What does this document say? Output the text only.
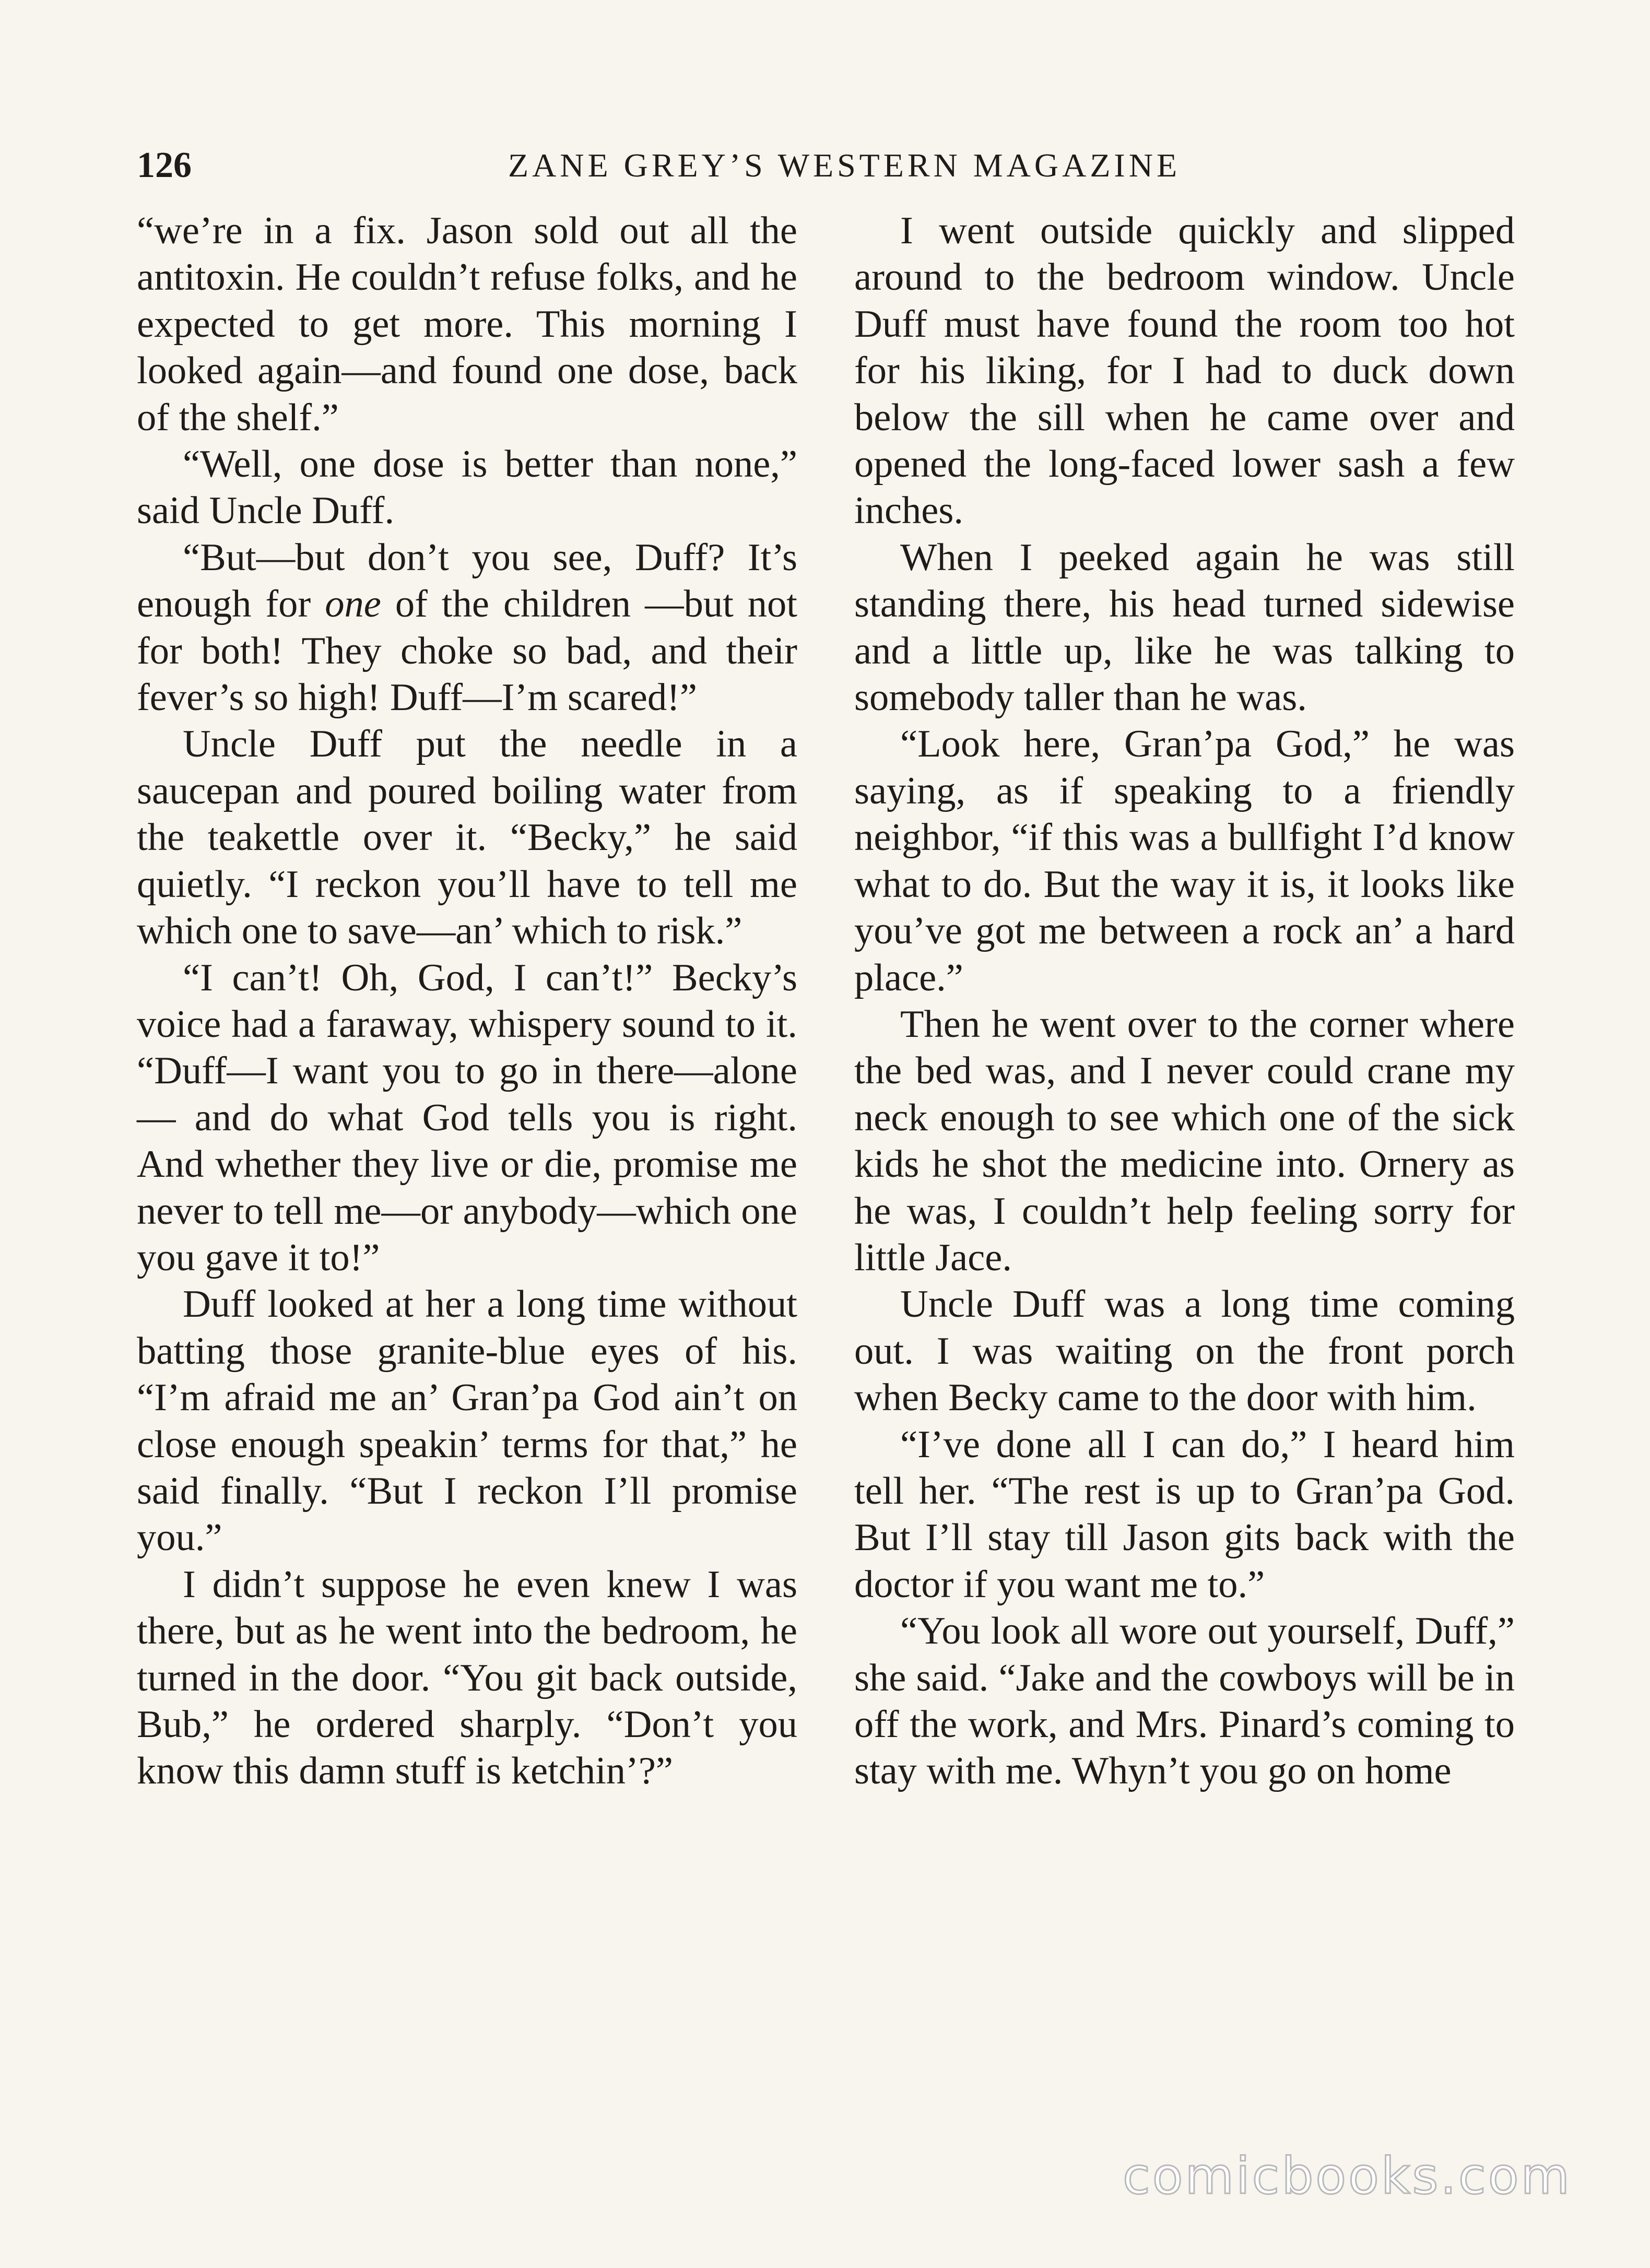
126	ZANE GREY’S WESTERN MAGAZINE

“we’re in a fix. Jason sold out all the antitoxin. He couldn’t refuse folks, and he expected to get more. This morning I looked again—and found one dose, back of the shelf.”

“Well, one dose is better than none,” said Uncle Duff.

“But—but don’t you see, Duff? It’s enough for one of the children —but not for both! They choke so bad, and their fever’s so high! Duff—I’m scared!”

Uncle Duff put the needle in a saucepan and poured boiling water from the teakettle over it. “Becky,” he said quietly. “I reckon you’ll have to tell me which one to save—an’ which to risk.”

“I can’t! Oh, God, I can’t!” Becky’s voice had a faraway, whispery sound to it. “Duff—I want you to go in there—alone— and do what God tells you is right. And whether they live or die, promise me never to tell me—or anybody—which one you gave it to!”

Duff looked at her a long time without batting those granite-blue eyes of his. “I’m afraid me an’ Gran’pa God ain’t on close enough speakin’ terms for that,” he said finally. “But I reckon I’ll promise you.”

I didn’t suppose he even knew I was there, but as he went into the bedroom, he turned in the door. “You git back outside, Bub,” he ordered sharply. “Don’t you know this damn stuff is ketchin’?”

I went outside quickly and slipped around to the bedroom window. Uncle Duff must have found the room too hot for his liking, for I had to duck down below the sill when he came over and opened the long-faced lower sash a few inches.

When I peeked again he was still standing there, his head turned sidewise and a little up, like he was talking to somebody taller than he was.

“Look here, Gran’pa God,” he was saying, as if speaking to a friendly neighbor, “if this was a bullfight I’d know what to do. But the way it is, it looks like you’ve got me between a rock an’ a hard place.”

Then he went over to the corner where the bed was, and I never could crane my neck enough to see which one of the sick kids he shot the medicine into. Ornery as he was, I couldn’t help feeling sorry for little Jace.

Uncle Duff was a long time coming out. I was waiting on the front porch when Becky came to the door with him.

“I’ve done all I can do,” I heard him tell her. “The rest is up to Gran’pa God. But I’ll stay till Jason gits back with the doctor if you want me to.”

“You look all wore out yourself, Duff,” she said. “Jake and the cowboys will be in off the work, and Mrs. Pinard’s coming to stay with me. Whyn’t you go on home

comicbooks.com
